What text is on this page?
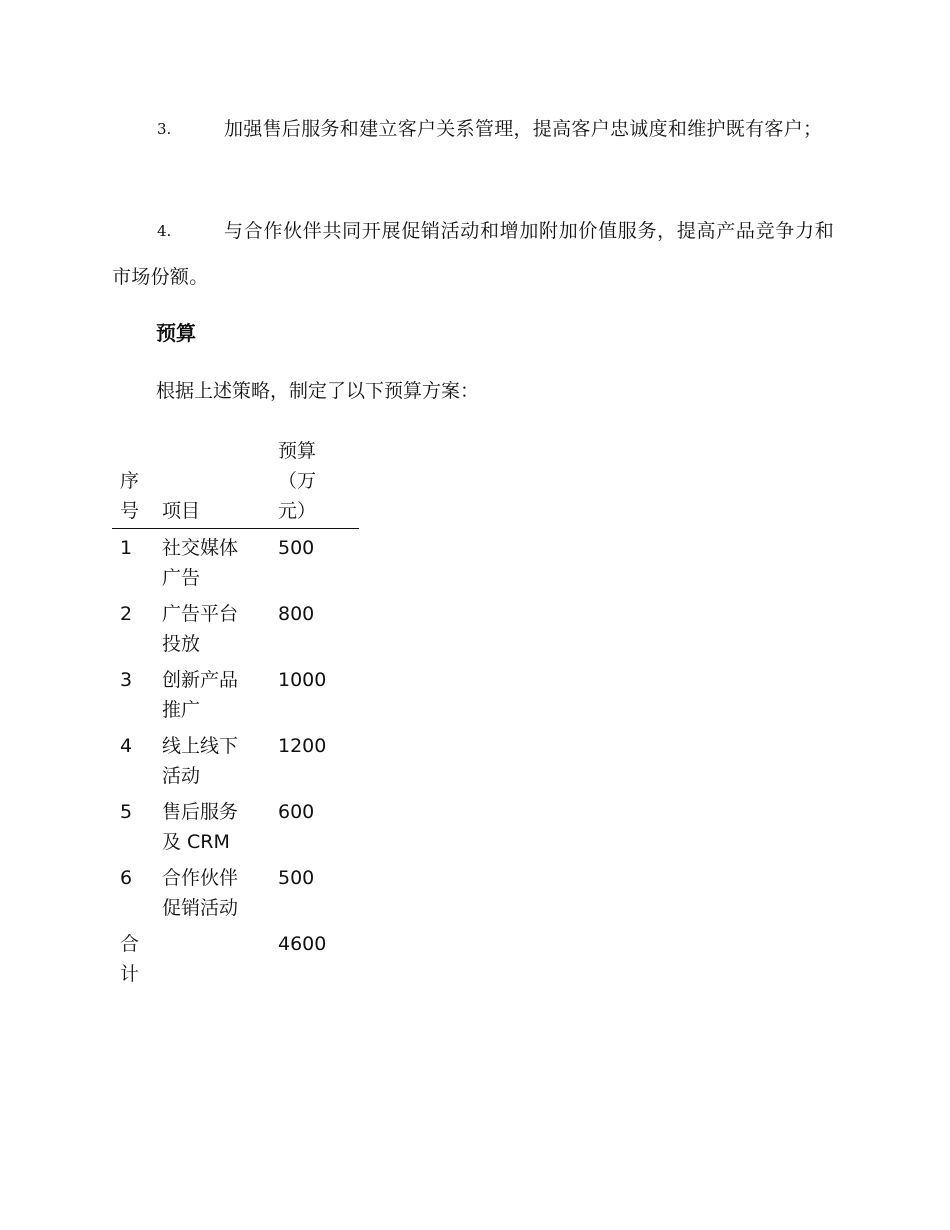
3.	加强售后服务和建立客户关系管理，提高客户忠诚度和维护既有客户；
4.	与合作伙伴共同开展促销活动和增加附加价值服务，提高产品竞争力和市场份额。
预算
根据上述策略，制定了以下预算方案：
序号	项目	预算（万元）

1	社交媒体广告	500
2	广告平台投放	800
3	创新产品推广	1000
4	线上线下活动	1200
5	售后服务及 CRM	600
6	合作伙伴促销活动	500

合计		4600
